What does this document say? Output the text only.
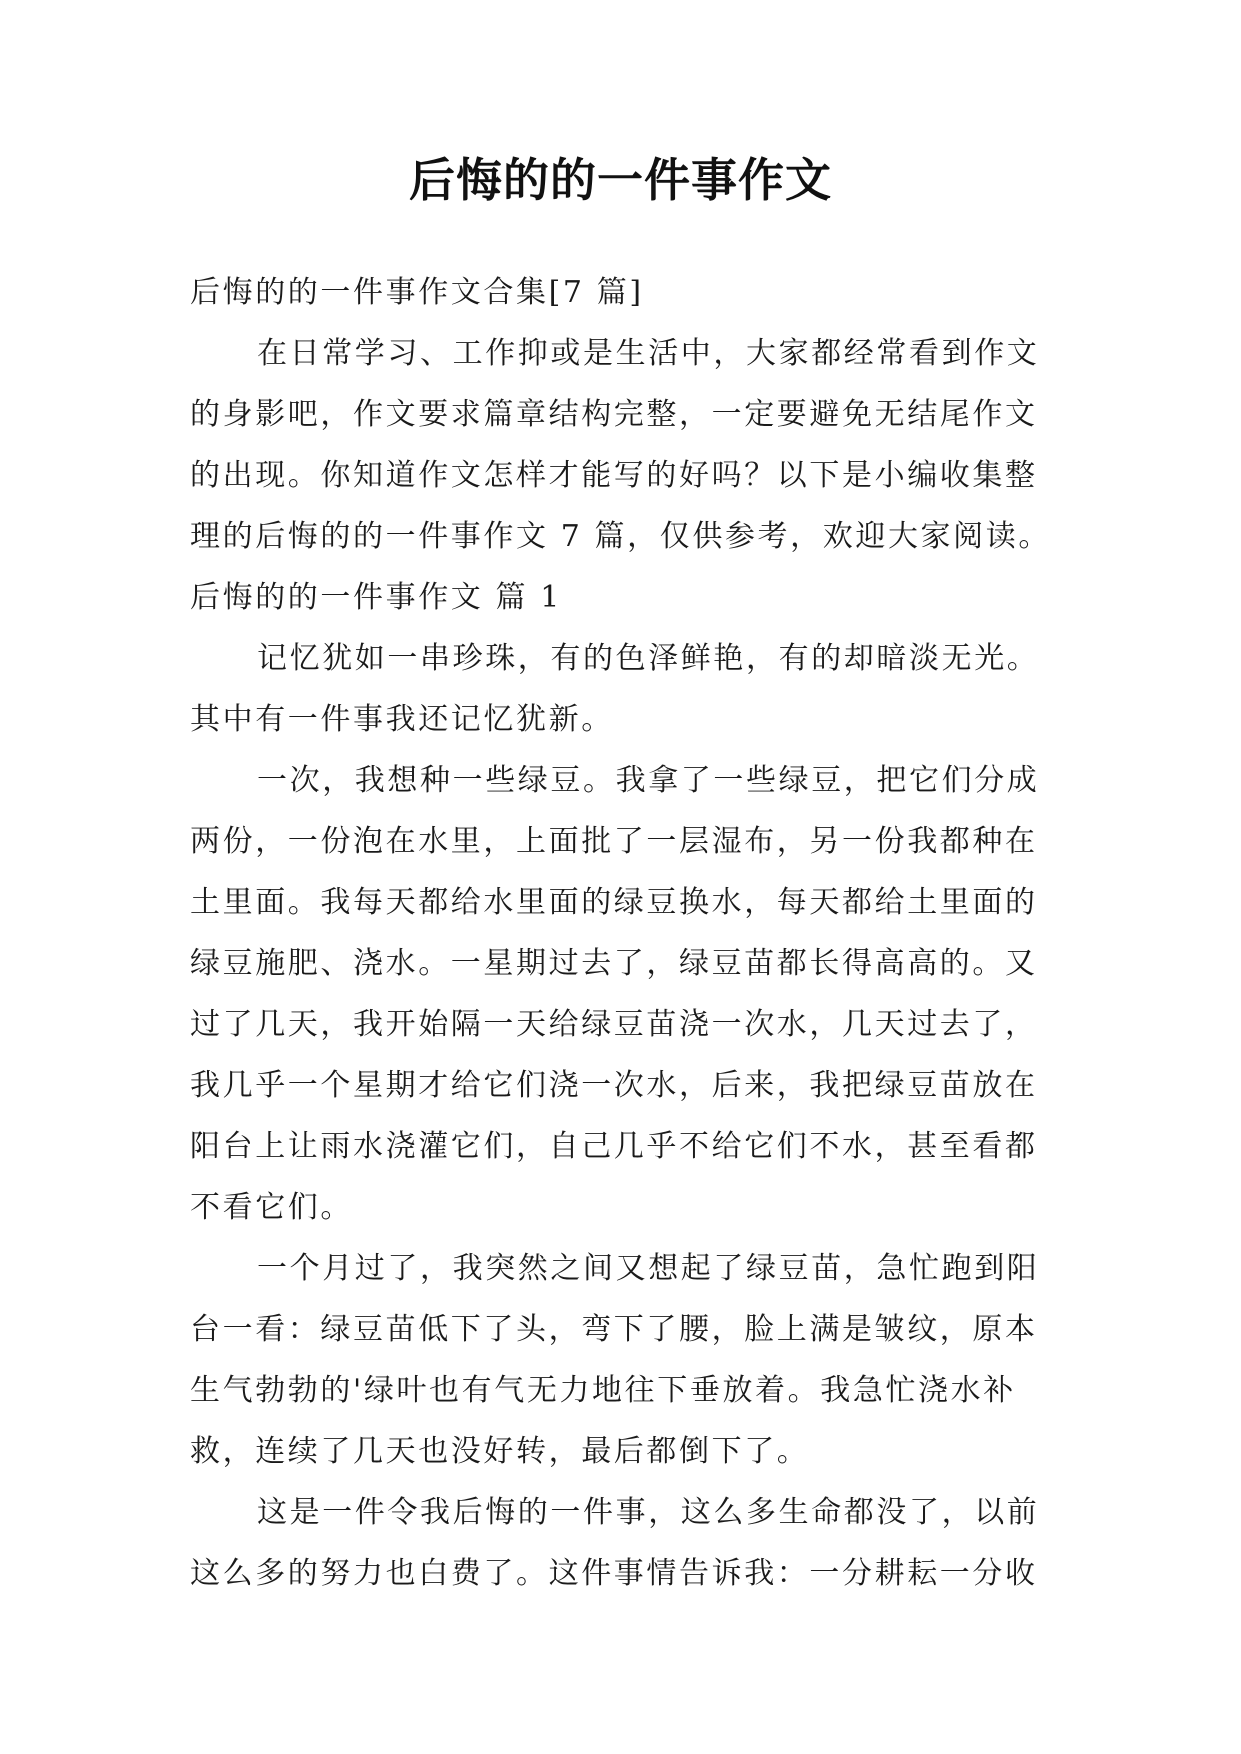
后悔的的一件事作文
后悔的的一件事作文合集[7 篇]
在日常学习、工作抑或是生活中，大家都经常看到作文
的身影吧，作文要求篇章结构完整，一定要避免无结尾作文
的出现。你知道作文怎样才能写的好吗？以下是小编收集整
理的后悔的的一件事作文 7 篇，仅供参考，欢迎大家阅读。
后悔的的一件事作文 篇 1
记忆犹如一串珍珠，有的色泽鲜艳，有的却暗淡无光。
其中有一件事我还记忆犹新。
一次，我想种一些绿豆。我拿了一些绿豆，把它们分成
两份，一份泡在水里，上面批了一层湿布，另一份我都种在
土里面。我每天都给水里面的绿豆换水，每天都给土里面的
绿豆施肥、浇水。一星期过去了，绿豆苗都长得高高的。又
过了几天，我开始隔一天给绿豆苗浇一次水，几天过去了，
我几乎一个星期才给它们浇一次水，后来，我把绿豆苗放在
阳台上让雨水浇灌它们，自己几乎不给它们不水，甚至看都
不看它们。
一个月过了，我突然之间又想起了绿豆苗，急忙跑到阳
台一看：绿豆苗低下了头，弯下了腰，脸上满是皱纹，原本
生气勃勃的'绿叶也有气无力地往下垂放着。我急忙浇水补
救，连续了几天也没好转，最后都倒下了。
这是一件令我后悔的一件事，这么多生命都没了，以前
这么多的努力也白费了。这件事情告诉我：一分耕耘一分收
